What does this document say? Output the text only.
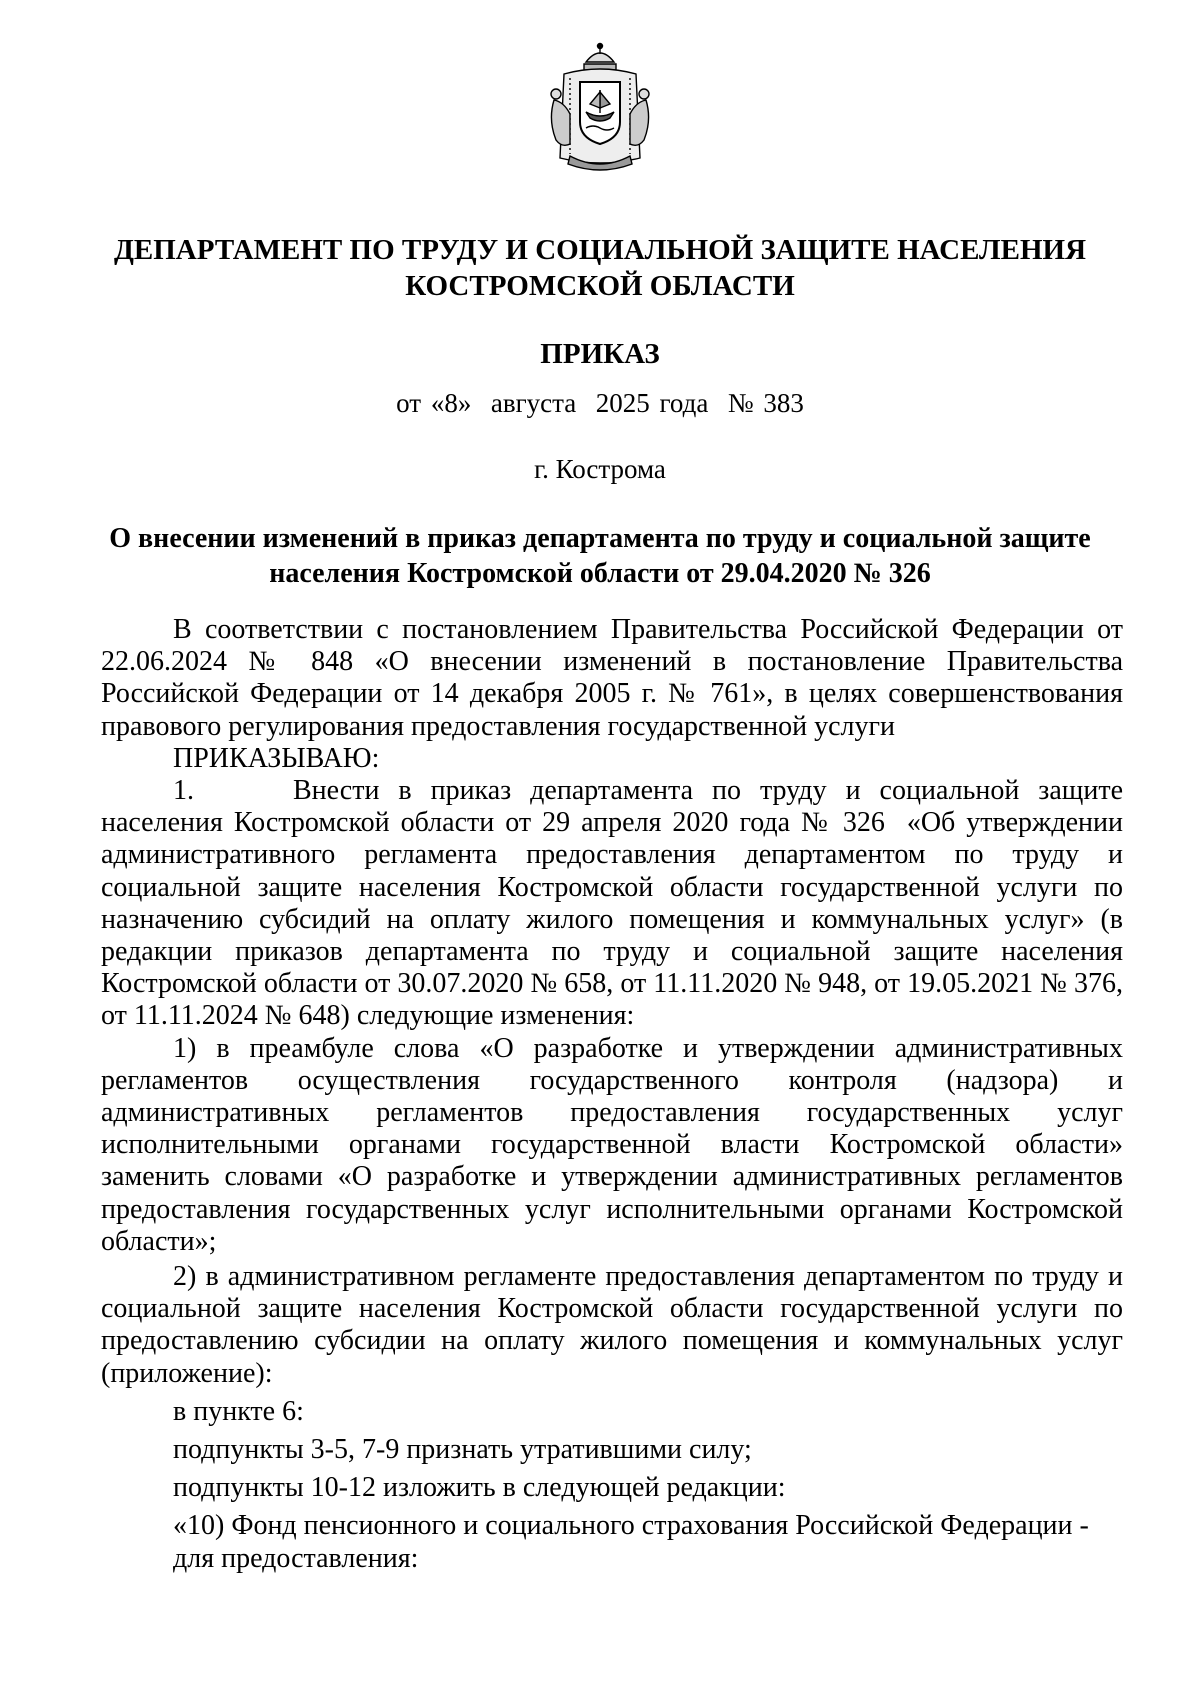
ДЕПАРТАМЕНТ ПО ТРУДУ И СОЦИАЛЬНОЙ ЗАЩИТЕ НАСЕЛЕНИЯ
КОСТРОМСКОЙ ОБЛАСТИ
ПРИКАЗ
от «8»  августа  2025 года  № 383
г. Кострома
О внесении изменений в приказ департамента по труду и социальной защите
населения Костромской области от 29.04.2020 № 326

В соответствии с постановлением Правительства Российской Федерации от 22.06.2024 № 848 «О внесении изменений в постановление Правительства Российской Федерации от 14 декабря 2005 г. № 761», в целях совершенствования правового регулирования предоставления государственной услуги

ПРИКАЗЫВАЮ:

1.	Внести в приказ департамента по труду и социальной защите населения Костромской области от 29 апреля 2020 года № 326  «Об утверждении административного регламента предоставления департаментом по труду и социальной защите населения Костромской области государственной услуги по назначению субсидий на оплату жилого помещения и коммунальных услуг» (в редакции приказов департамента по труду и социальной защите населения Костромской области от 30.07.2020 № 658, от 11.11.2020 № 948, от 19.05.2021 № 376, от 11.11.2024 № 648) следующие изменения:

1) в преамбуле слова «О разработке и утверждении административных регламентов осуществления государственного контроля (надзора) и административных регламентов предоставления государственных услуг исполнительными органами государственной власти Костромской области» заменить словами «О разработке и утверждении административных регламентов предоставления государственных услуг исполнительными органами Костромской области»;

2) в административном регламенте предоставления департаментом по труду и социальной защите населения Костромской области государственной услуги по предоставлению субсидии на оплату жилого помещения и коммунальных услуг (приложение):

в пункте 6:

подпункты 3-5, 7-9 признать утратившими силу;

подпункты 10-12 изложить в следующей редакции:

«10) Фонд пенсионного и социального страхования Российской Федерации -

для предоставления:
